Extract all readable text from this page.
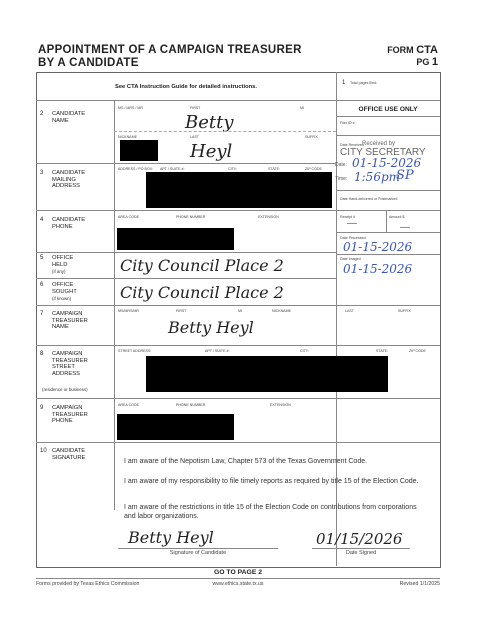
APPOINTMENT OF A CAMPAIGN TREASURER
BY A CANDIDATE
FORM CTA
PG 1
See CTA Instruction Guide for detailed instructions.
1 Total pages filed:
OFFICE USE ONLY
Filer ID #
Date Received
Received by
CITY SECRETARY
Date: 01-15-2026
Time: 1:56pm
SP
Date Hand-delivered or Postmarked
Receipt #	Amount $
—	—
Date Processed
01-15-2026
Date Imaged
01-15-2026
2 CANDIDATE
NAME
MS / MRS / MR	FIRST	MI
Betty
NICKNAME	LAST	SUFFIX
Heyl
3 CANDIDATE
MAILING
ADDRESS
ADDRESS / PO BOX: APT / SUITE #:	CITY:	STATE:	ZIP CODE
4 CANDIDATE
PHONE
AREA CODE	PHONE NUMBER	EXTENSION
5 OFFICE
HELD
(if any)	City Council Place 2
6 OFFICE
SOUGHT
(if known)	City Council Place 2
7 CAMPAIGN
TREASURER
NAME
MS/MRS/MR	FIRST	MI	NICKNAME	LAST	SUFFIX
Betty Heyl
8 CAMPAIGN
TREASURER
STREET
ADDRESS
(residence or business)
STREET ADDRESS:	APT / SUITE #:	CITY:	STATE:	ZIP CODE
9 CAMPAIGN
TREASURER
PHONE
AREA CODE	PHONE NUMBER	EXTENSION
10 CANDIDATE
SIGNATURE
I am aware of the Nepotism Law, Chapter 573 of the Texas Government Code.
I am aware of my responsibility to file timely reports as required by title 15 of the Election Code.
I am aware of the restrictions in title 15 of the Election Code on contributions from corporations and labor organizations.
Betty Heyl
Signature of Candidate
01/15/2026
Date Signed
GO TO PAGE 2
Forms provided by Texas Ethics Commission	www.ethics.state.tx.us	Revised 1/1/2025
